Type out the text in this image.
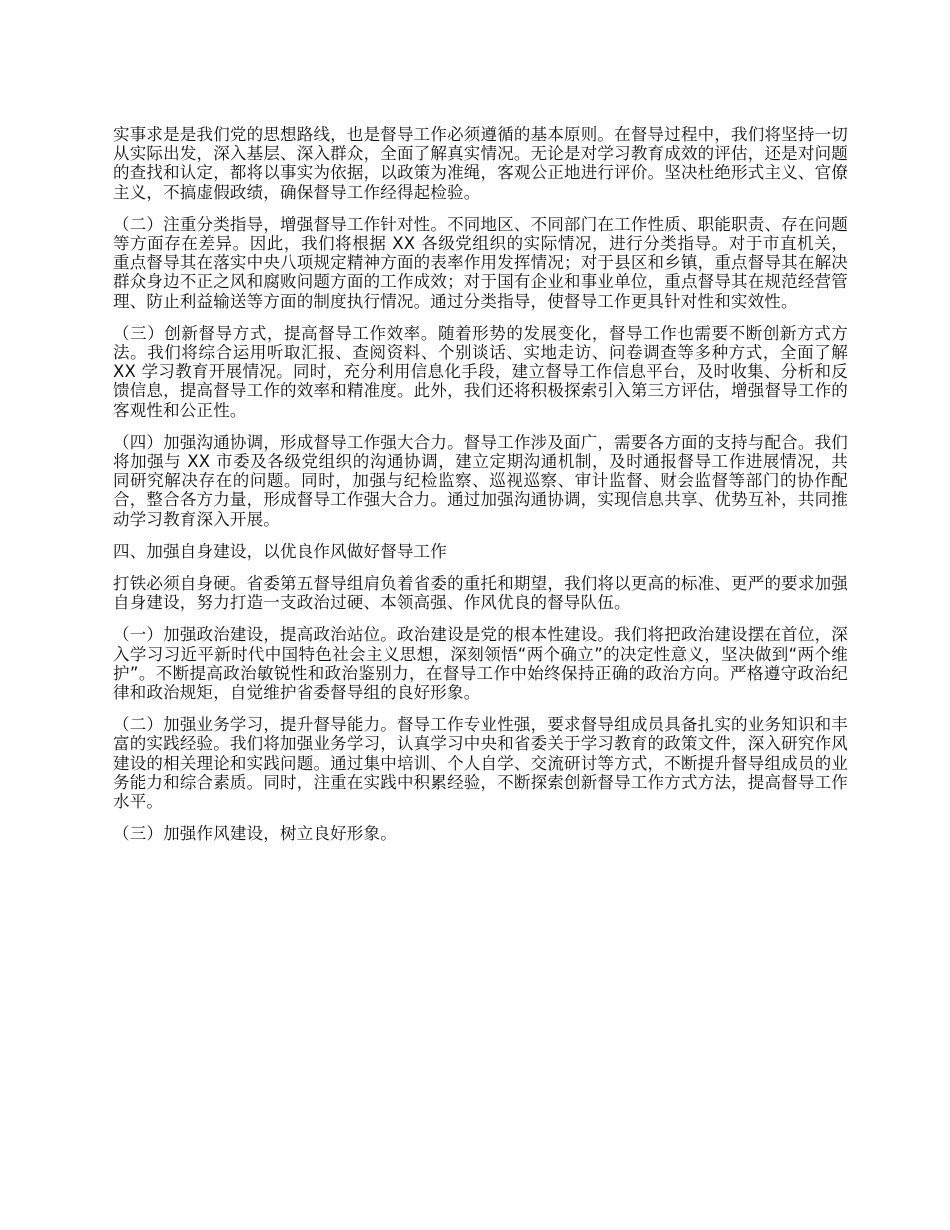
实事求是是我们党的思想路线，也是督导工作必须遵循的基本原则。在督导过程中，我们将坚持一切从实际出发，深入基层、深入群众，全面了解真实情况。无论是对学习教育成效的评估，还是对问题的查找和认定，都将以事实为依据，以政策为准绳，客观公正地进行评价。坚决杜绝形式主义、官僚主义，不搞虚假政绩，确保督导工作经得起检验。

（二）注重分类指导，增强督导工作针对性。不同地区、不同部门在工作性质、职能职责、存在问题等方面存在差异。因此，我们将根据 XX 各级党组织的实际情况，进行分类指导。对于市直机关，重点督导其在落实中央八项规定精神方面的表率作用发挥情况；对于县区和乡镇，重点督导其在解决群众身边不正之风和腐败问题方面的工作成效；对于国有企业和事业单位，重点督导其在规范经营管理、防止利益输送等方面的制度执行情况。通过分类指导，使督导工作更具针对性和实效性。

（三）创新督导方式，提高督导工作效率。随着形势的发展变化，督导工作也需要不断创新方式方法。我们将综合运用听取汇报、查阅资料、个别谈话、实地走访、问卷调查等多种方式，全面了解 XX 学习教育开展情况。同时，充分利用信息化手段，建立督导工作信息平台，及时收集、分析和反馈信息，提高督导工作的效率和精准度。此外，我们还将积极探索引入第三方评估，增强督导工作的客观性和公正性。

（四）加强沟通协调，形成督导工作强大合力。督导工作涉及面广，需要各方面的支持与配合。我们将加强与 XX 市委及各级党组织的沟通协调，建立定期沟通机制，及时通报督导工作进展情况，共同研究解决存在的问题。同时，加强与纪检监察、巡视巡察、审计监督、财会监督等部门的协作配合，整合各方力量，形成督导工作强大合力。通过加强沟通协调，实现信息共享、优势互补，共同推动学习教育深入开展。

四、加强自身建设，以优良作风做好督导工作

打铁必须自身硬。省委第五督导组肩负着省委的重托和期望，我们将以更高的标准、更严的要求加强自身建设，努力打造一支政治过硬、本领高强、作风优良的督导队伍。

（一）加强政治建设，提高政治站位。政治建设是党的根本性建设。我们将把政治建设摆在首位，深入学习习近平新时代中国特色社会主义思想，深刻领悟“两个确立”的决定性意义，坚决做到“两个维护”。不断提高政治敏锐性和政治鉴别力，在督导工作中始终保持正确的政治方向。严格遵守政治纪律和政治规矩，自觉维护省委督导组的良好形象。

（二）加强业务学习，提升督导能力。督导工作专业性强，要求督导组成员具备扎实的业务知识和丰富的实践经验。我们将加强业务学习，认真学习中央和省委关于学习教育的政策文件，深入研究作风建设的相关理论和实践问题。通过集中培训、个人自学、交流研讨等方式，不断提升督导组成员的业务能力和综合素质。同时，注重在实践中积累经验，不断探索创新督导工作方式方法，提高督导工作水平。

（三）加强作风建设，树立良好形象。
